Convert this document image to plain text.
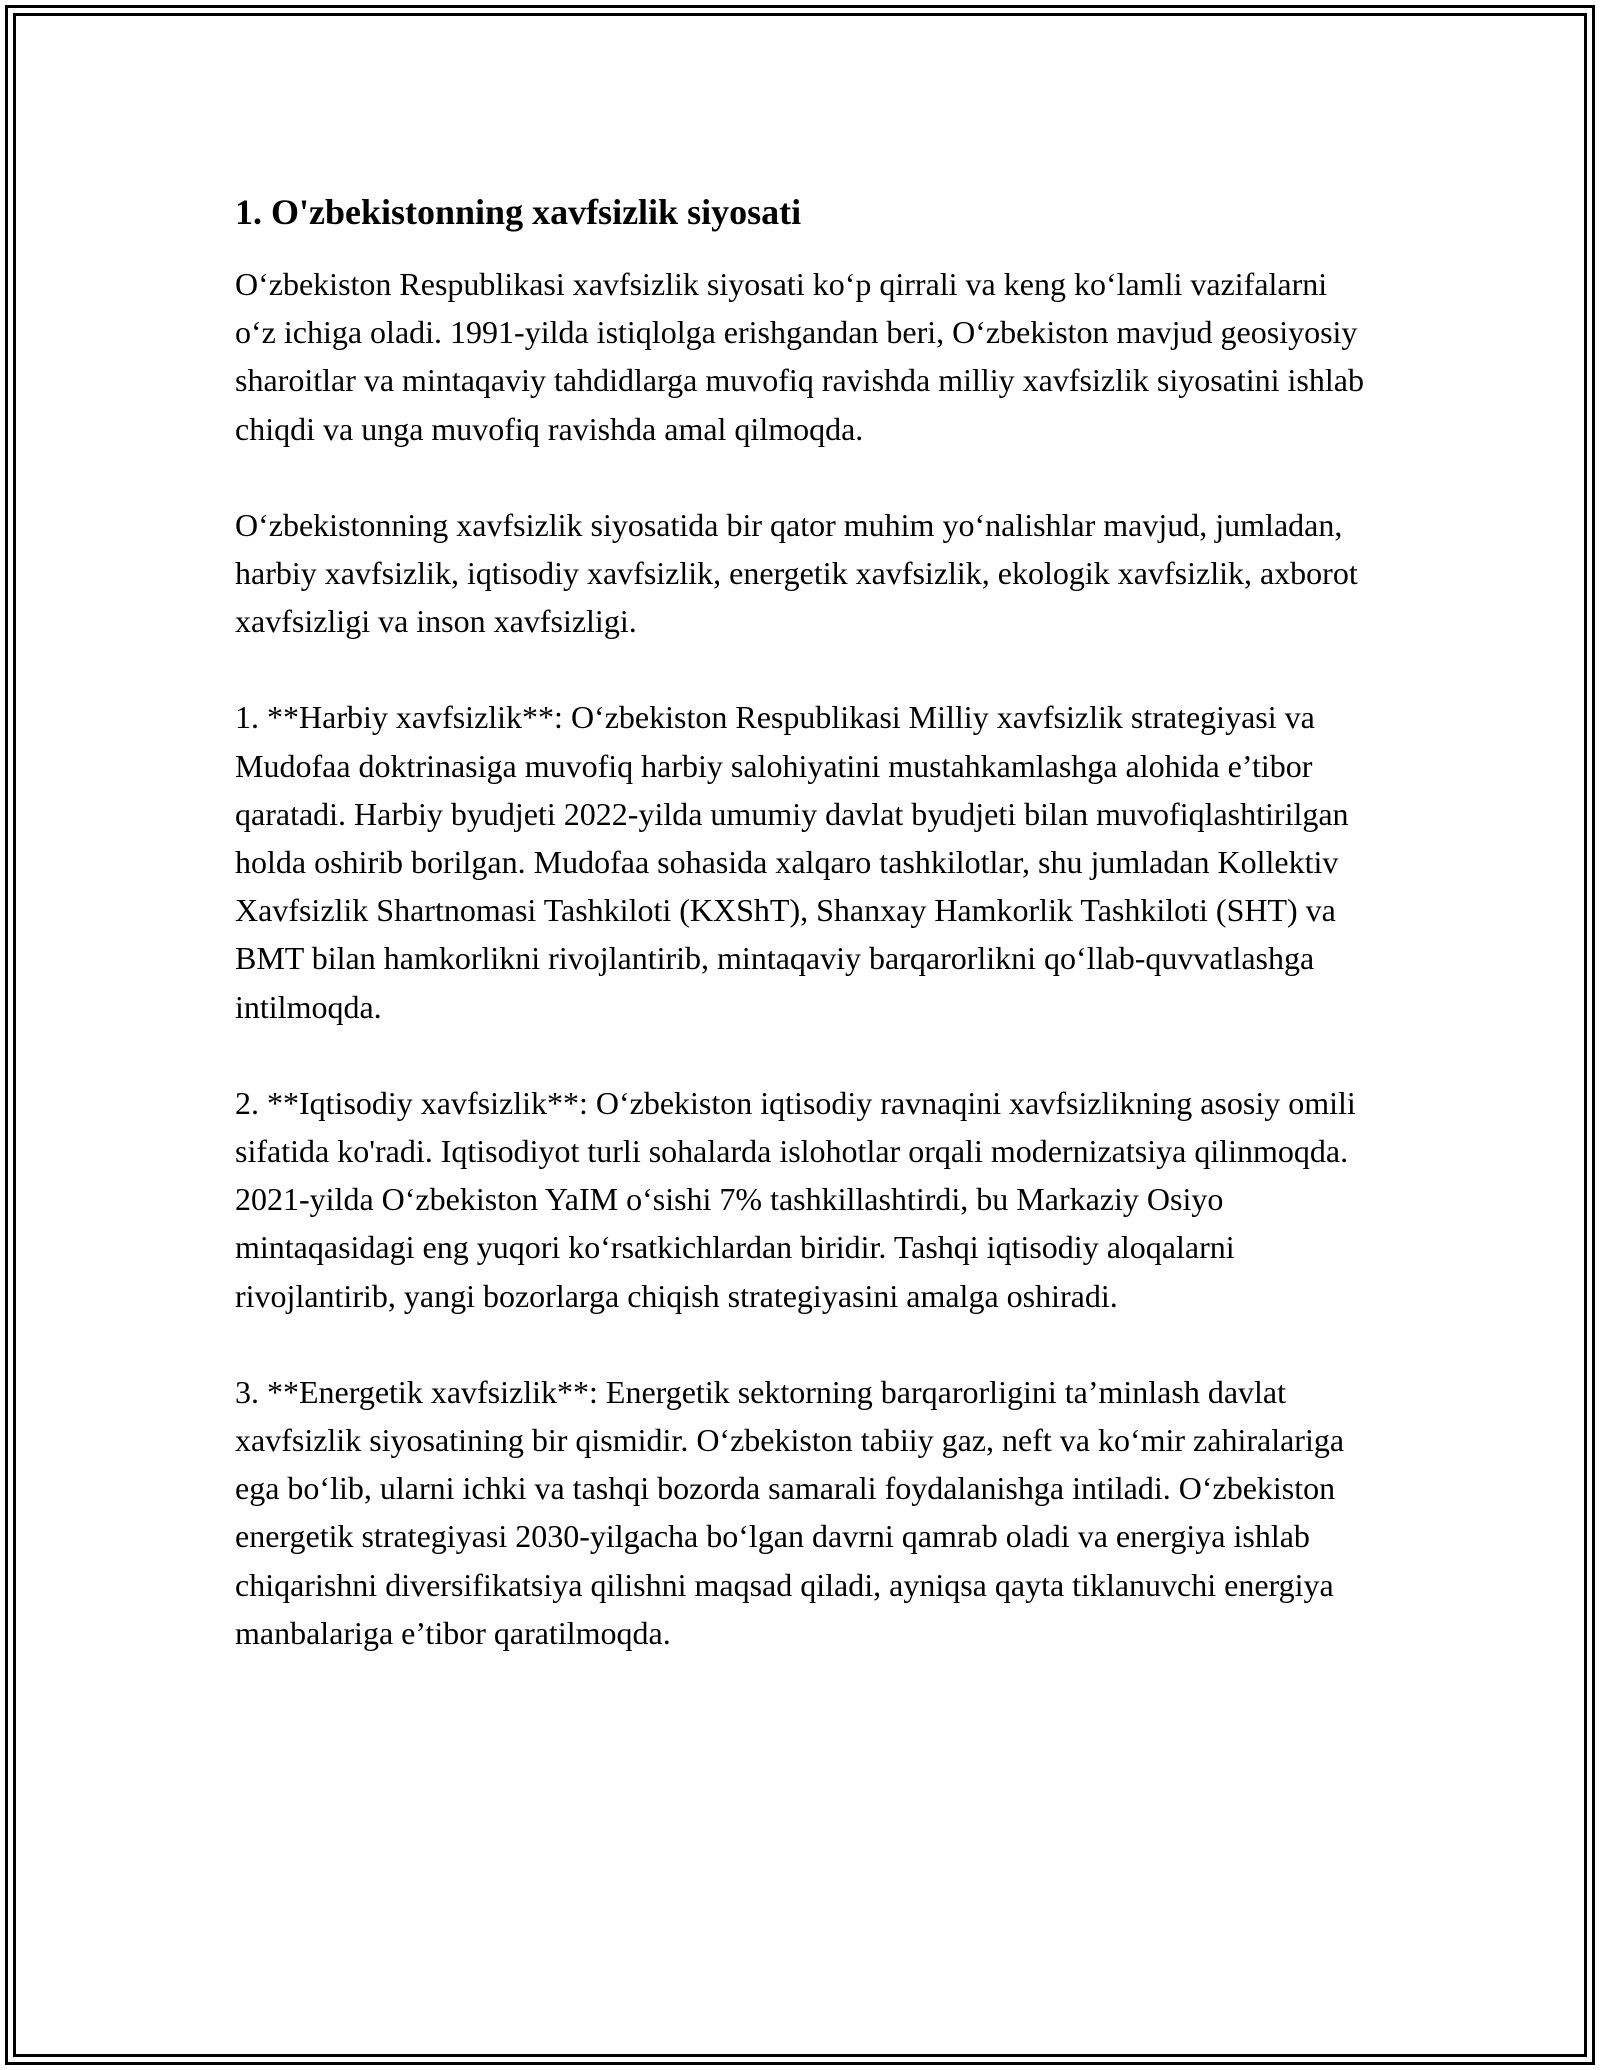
1. O'zbekistonning xavfsizlik siyosati

O‘zbekiston Respublikasi xavfsizlik siyosati ko‘p qirrali va keng ko‘lamli vazifalarni o‘z ichiga oladi. 1991-yilda istiqlolga erishgandan beri, O‘zbekiston mavjud geosiyosiy sharoitlar va mintaqaviy tahdidlarga muvofiq ravishda milliy xavfsizlik siyosatini ishlab chiqdi va unga muvofiq ravishda amal qilmoqda.

O‘zbekistonning xavfsizlik siyosatida bir qator muhim yo‘nalishlar mavjud, jumladan, harbiy xavfsizlik, iqtisodiy xavfsizlik, energetik xavfsizlik, ekologik xavfsizlik, axborot xavfsizligi va inson xavfsizligi.

1. **Harbiy xavfsizlik**: O‘zbekiston Respublikasi Milliy xavfsizlik strategiyasi va Mudofaa doktrinasiga muvofiq harbiy salohiyatini mustahkamlashga alohida e’tibor qaratadi. Harbiy byudjeti 2022-yilda umumiy davlat byudjeti bilan muvofiqlashtirilgan holda oshirib borilgan. Mudofaa sohasida xalqaro tashkilotlar, shu jumladan Kollektiv Xavfsizlik Shartnomasi Tashkiloti (KXShT), Shanxay Hamkorlik Tashkiloti (SHT) va BMT bilan hamkorlikni rivojlantirib, mintaqaviy barqarorlikni qo‘llab-quvvatlashga intilmoqda.

2. **Iqtisodiy xavfsizlik**: O‘zbekiston iqtisodiy ravnaqini xavfsizlikning asosiy omili sifatida ko'radi. Iqtisodiyot turli sohalarda islohotlar orqali modernizatsiya qilinmoqda. 2021-yilda O‘zbekiston YaIM o‘sishi 7% tashkillashtirdi, bu Markaziy Osiyo mintaqasidagi eng yuqori ko‘rsatkichlardan biridir. Tashqi iqtisodiy aloqalarni rivojlantirib, yangi bozorlarga chiqish strategiyasini amalga oshiradi.

3. **Energetik xavfsizlik**: Energetik sektorning barqarorligini ta’minlash davlat xavfsizlik siyosatining bir qismidir. O‘zbekiston tabiiy gaz, neft va ko‘mir zahiralariga ega bo‘lib, ularni ichki va tashqi bozorda samarali foydalanishga intiladi. O‘zbekiston energetik strategiyasi 2030-yilgacha bo‘lgan davrni qamrab oladi va energiya ishlab chiqarishni diversifikatsiya qilishni maqsad qiladi, ayniqsa qayta tiklanuvchi energiya manbalariga e’tibor qaratilmoqda.
